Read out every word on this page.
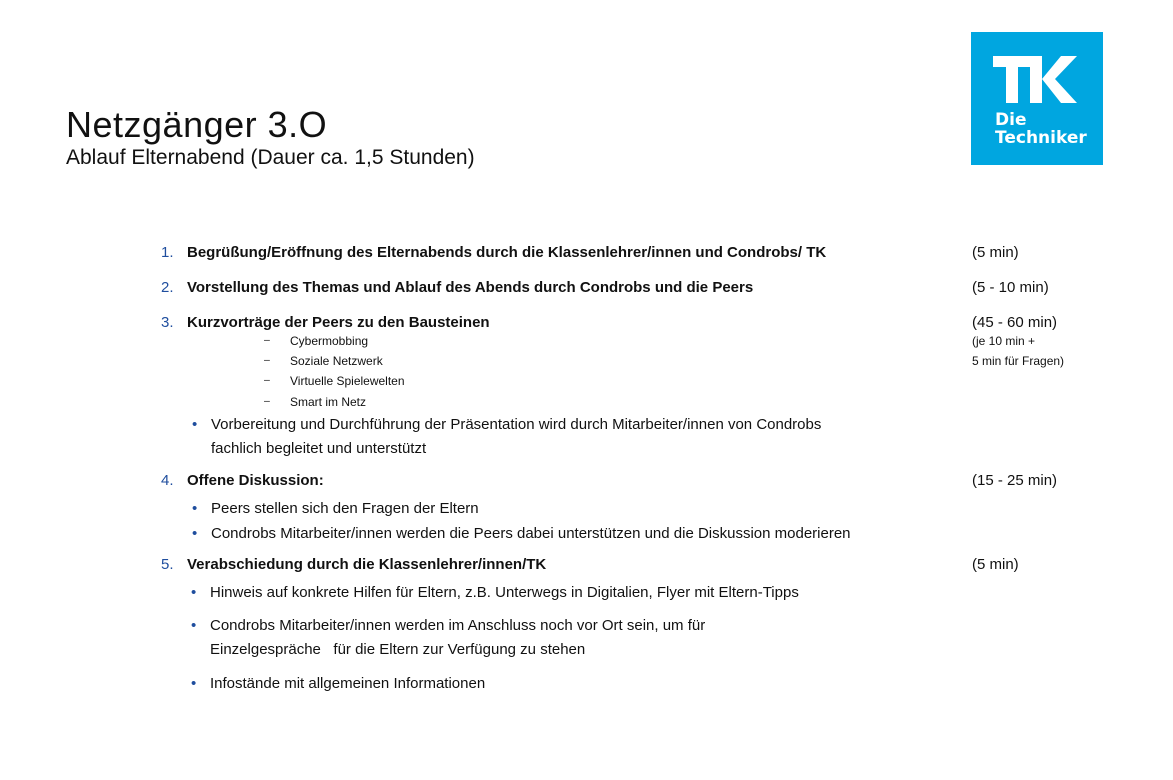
Netzgänger 3.O
Ablauf Elternabend (Dauer ca. 1,5 Stunden)
Die
Techniker
1. Begrüßung/Eröffnung des Elternabends durch die Klassenlehrer/innen und Condrobs/ TK	(5 min)
2. Vorstellung des Themas und Ablauf des Abends durch Condrobs und die Peers	(5 - 10 min)
3. Kurzvorträge der Peers zu den Bausteinen	(45 - 60 min)
– Cybermobbing	(je 10 min +
– Soziale Netzwerk	5 min für Fragen)
– Virtuelle Spielewelten
– Smart im Netz
• Vorbereitung und Durchführung der Präsentation wird durch Mitarbeiter/innen von Condrobs
fachlich begleitet und unterstützt
4. Offene Diskussion:	(15 - 25 min)
• Peers stellen sich den Fragen der Eltern
• Condrobs Mitarbeiter/innen werden die Peers dabei unterstützen und die Diskussion moderieren
5. Verabschiedung durch die Klassenlehrer/innen/TK	(5 min)
• Hinweis auf konkrete Hilfen für Eltern, z.B. Unterwegs in Digitalien, Flyer mit Eltern-Tipps
• Condrobs Mitarbeiter/innen werden im Anschluss noch vor Ort sein, um für
Einzelgespräche   für die Eltern zur Verfügung zu stehen
• Infostände mit allgemeinen Informationen
